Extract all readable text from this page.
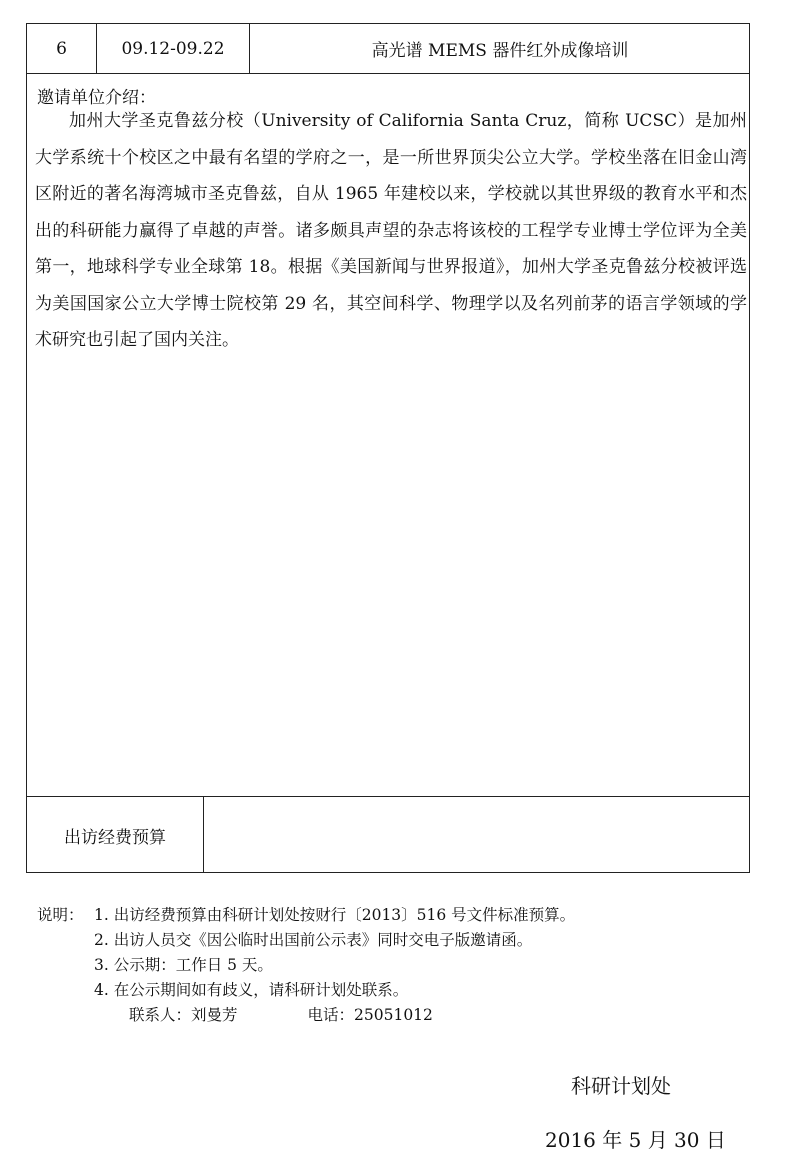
6	09.12-09.22	高光谱 MEMS 器件红外成像培训
邀请单位介绍：

加州大学圣克鲁兹分校（University of California Santa Cruz，简称 UCSC）是加州大学系统十个校区之中最有名望的学府之一，是一所世界顶尖公立大学。学校坐落在旧金山湾区附近的著名海湾城市圣克鲁兹，自从 1965 年建校以来，学校就以其世界级的教育水平和杰出的科研能力赢得了卓越的声誉。诸多颇具声望的杂志将该校的工程学专业博士学位评为全美第一，地球科学专业全球第 18。根据《美国新闻与世界报道》，加州大学圣克鲁兹分校被评选为美国国家公立大学博士院校第 29 名，其空间科学、物理学以及名列前茅的语言学领域的学术研究也引起了国内关注。

出访经费预算
说明： 1. 出访经费预算由科研计划处按财行〔2013〕516 号文件标准预算。
2. 出访人员交《因公临时出国前公示表》同时交电子版邀请函。
3. 公示期：工作日 5 天。
4. 在公示期间如有歧义，请科研计划处联系。
联系人：刘曼芳	电话：25051012
科研计划处
2016 年 5 月 30 日
